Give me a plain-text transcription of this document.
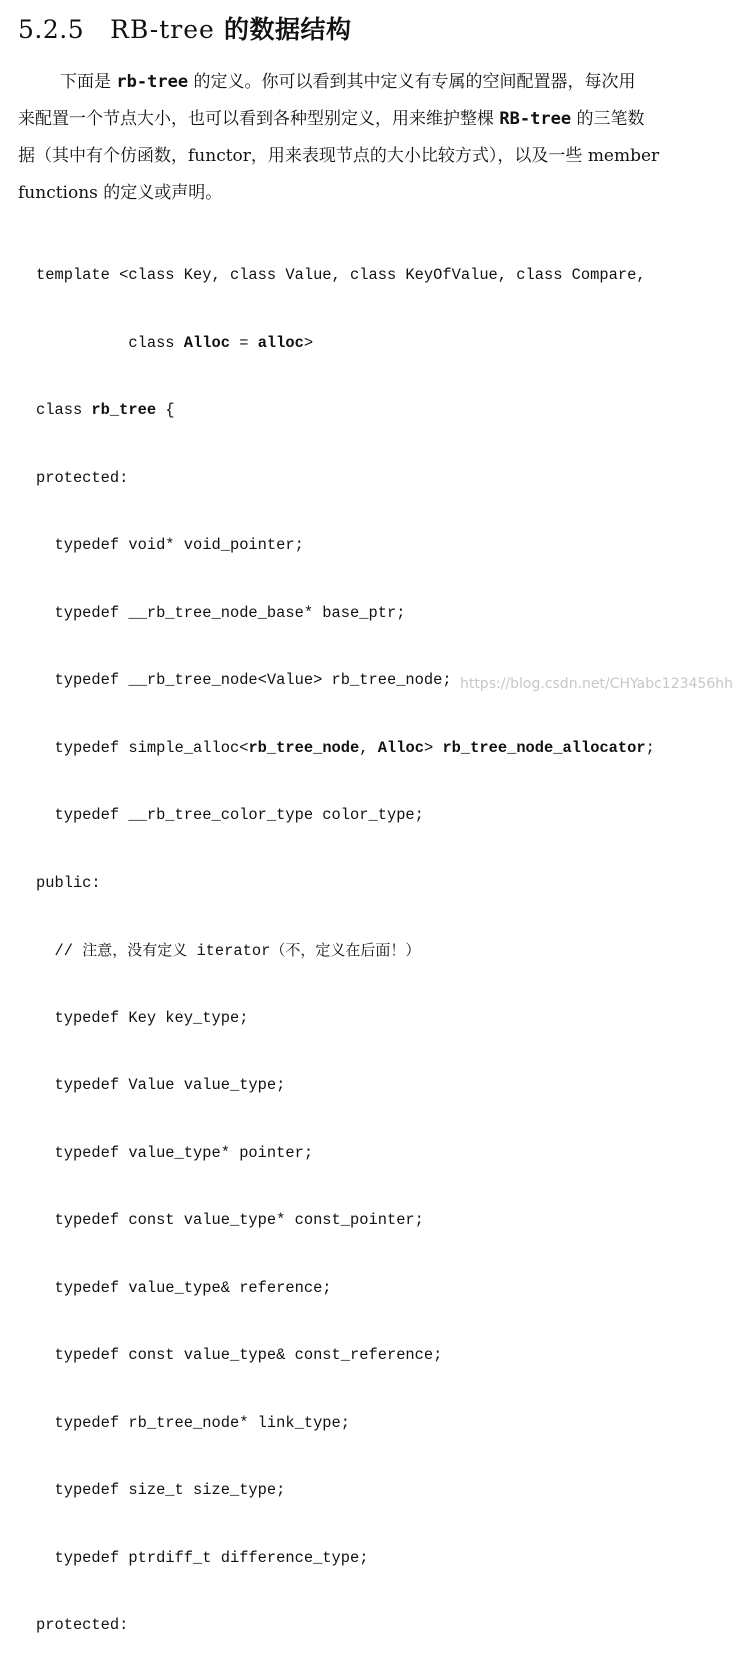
5.2.5 RB-tree 的数据结构

下面是 rb-tree 的定义。你可以看到其中定义有专属的空间配置器，每次用
来配置一个节点大小，也可以看到各种型别定义，用来维护整棵 RB-tree 的三笔数
据（其中有个仿函数，functor，用来表现节点的大小比较方式），以及一些 member
functions 的定义或声明。

template <class Key, class Value, class KeyOfValue, class Compare,

class Alloc = alloc>

class rb_tree {

protected:

typedef void* void_pointer;

typedef __rb_tree_node_base* base_ptr;

typedef __rb_tree_node<Value> rb_tree_node;

typedef simple_alloc<rb_tree_node, Alloc> rb_tree_node_allocator;

typedef __rb_tree_color_type color_type;

public:

// 注意，没有定义 iterator（不，定义在后面！）

typedef Key key_type;

typedef Value value_type;

typedef value_type* pointer;

typedef const value_type* const_pointer;

typedef value_type& reference;

typedef const value_type& const_reference;

typedef rb_tree_node* link_type;

typedef size_t size_type;

typedef ptrdiff_t difference_type;

protected:

https://blog.csdn.net/CHYabc123456hh
